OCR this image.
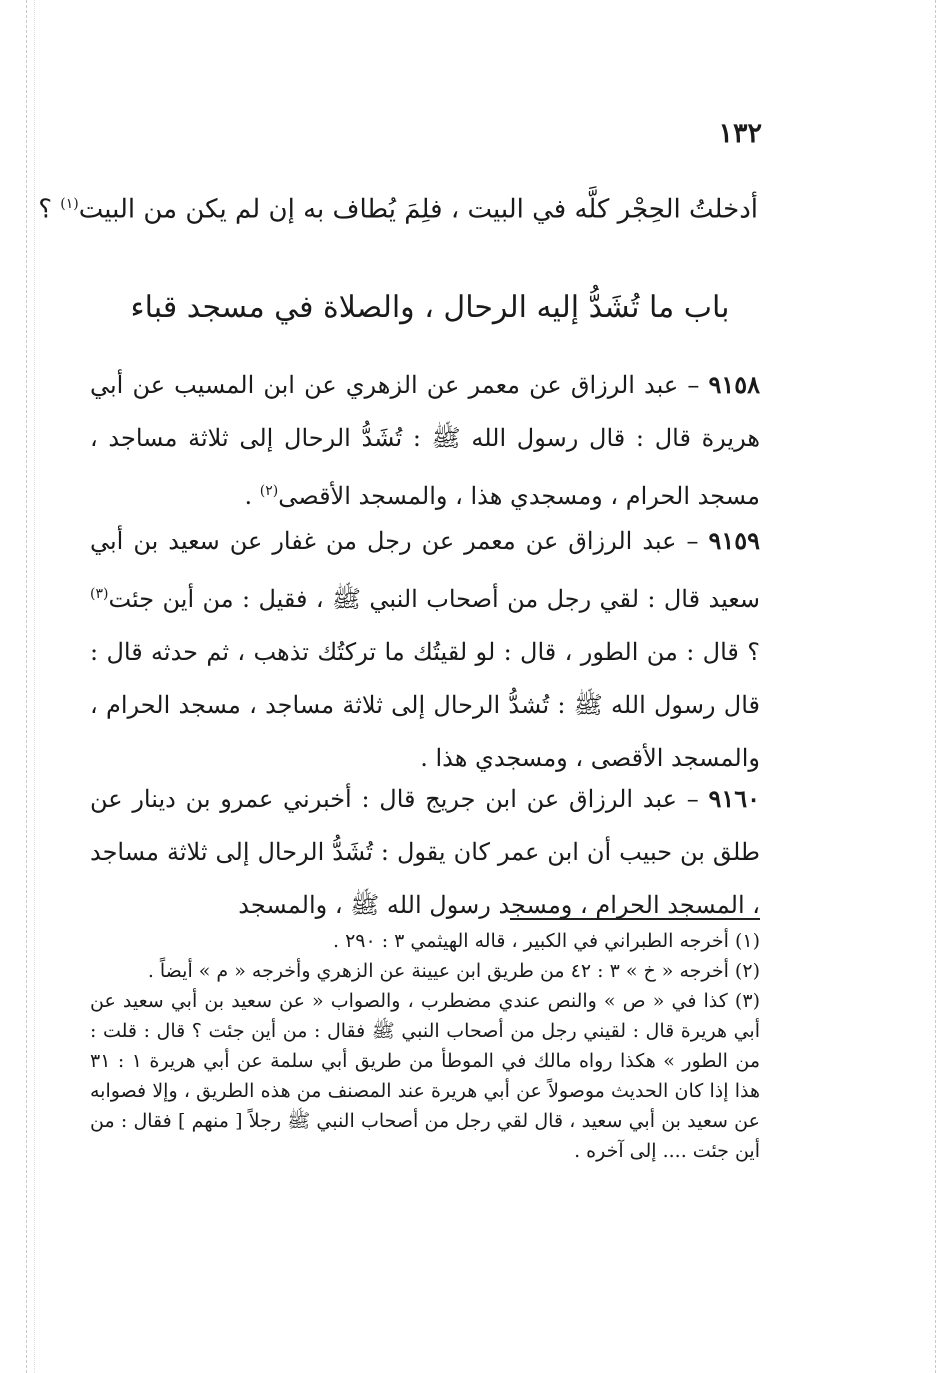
١٣٢
أدخلتُ الحِجْر كلَّه في البيت ، فلِمَ يُطاف به إن لم يكن من البيت$^{(١)}$ ؟
باب ما تُشَدُّ إليه الرحال ، والصلاة في مسجد قباء

٩١٥٨ – عبد الرزاق عن معمر عن الزهري عن ابن المسيب عن أبي هريرة قال : قال رسول الله ﷺ : تُشَدُّ الرحال إلى ثلاثة مساجد ، مسجد الحرام ، ومسجدي هذا ، والمسجد الأقصى$^{(٢)}$ .

٩١٥٩ – عبد الرزاق عن معمر عن رجل من غفار عن سعيد بن أبي سعيد قال : لقي رجل من أصحاب النبي ﷺ ، فقيل : من أين جئت$^{(٣)}$ ؟ قال : من الطور ، قال : لو لقيتُك ما تركتُك تذهب ، ثم حدثه قال : قال رسول الله ﷺ : تُشدُّ الرحال إلى ثلاثة مساجد ، مسجد الحرام ، والمسجد الأقصى ، ومسجدي هذا .

٩١٦٠ – عبد الرزاق عن ابن جريج قال : أخبرني عمرو بن دينار عن طلق بن حبيب أن ابن عمر كان يقول : تُشَدُّ الرحال إلى ثلاثة مساجد ، المسجد الحرام ، ومسجد رسول الله ﷺ ، والمسجد

(١) أخرجه الطبراني في الكبير ، قاله الهيثمي ٣ : ٢٩٠ .

(٢) أخرجه « خ » ٣ : ٤٢ من طريق ابن عيينة عن الزهري وأخرجه « م » أيضاً .

(٣) كذا في « ص » والنص عندي مضطرب ، والصواب « عن سعيد بن أبي سعيد عن أبي هريرة قال : لقيني رجل من أصحاب النبي ﷺ فقال : من أين جئت ؟ قال : قلت : من الطور » هكذا رواه مالك في الموطأ من طريق أبي سلمة عن أبي هريرة ١ : ٣١ هذا إذا كان الحديث موصولاً عن أبي هريرة عند المصنف من هذه الطريق ، وإلا فصوابه عن سعيد بن أبي سعيد ، قال لقي رجل من أصحاب النبي ﷺ رجلاً [ منهم ] فقال : من أين جئت .... إلى آخره .
